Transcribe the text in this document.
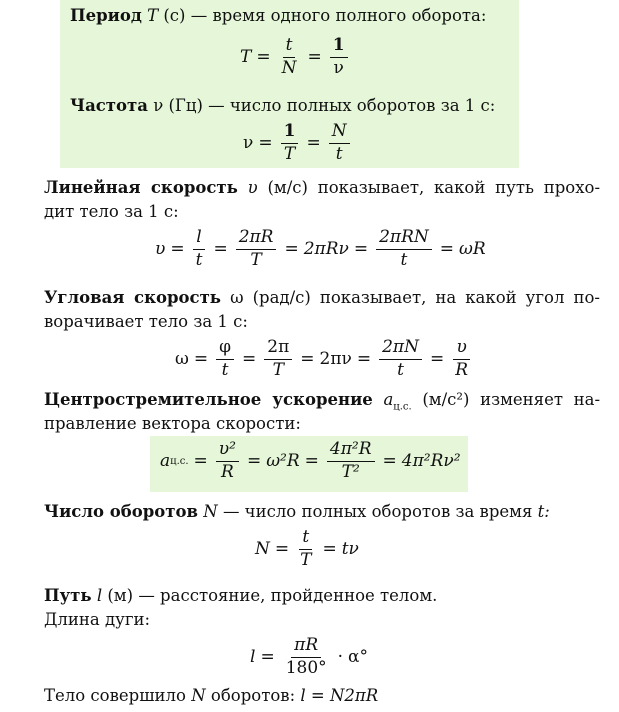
Период T (с) — время одного полного оборота:
$T = \frac{t}{N} = \frac{1}{\nu}$
Частота ν (Гц) — число полных оборотов за 1 с:
$\nu = \frac{1}{T} = \frac{N}{t}$
Линейная скорость υ (м/с) показывает, какой путь прохо-
дит тело за 1 с:
$\upsilon = \frac{l}{t} = \frac{2\pi R}{T} = 2\pi R\nu = \frac{\text{2πRN}}{t} = \omega R$
Угловая скорость ω (рад/с) показывает, на какой угол по-
ворачивает тело за 1 с:
$\omega = \frac{\varphi}{t} = \frac{2\pi}{T} = 2\pi\nu = \frac{2\pi N}{t} = \frac{\upsilon}{R}$
Центростремительное ускорение $a_{ц.с.}$ (м/с²) изменяет на-
правление вектора скорости:
a ц.с. = $\frac{\text{υ²}}{R} = \omega^2R = \frac{\text{4π²R}}{\text{T²}} = 4\pi^2R\nu^2$
Число оборотов N — число полных оборотов за время t:
$N = \frac{t}{T} = t\nu$
Путь l (м) — расстояние, пройденное телом.
Длина дуги:
$l = \frac{\pi R}{180^\circ} \cdot \alpha^\circ$
Тело совершило N оборотов: l = N2πR
